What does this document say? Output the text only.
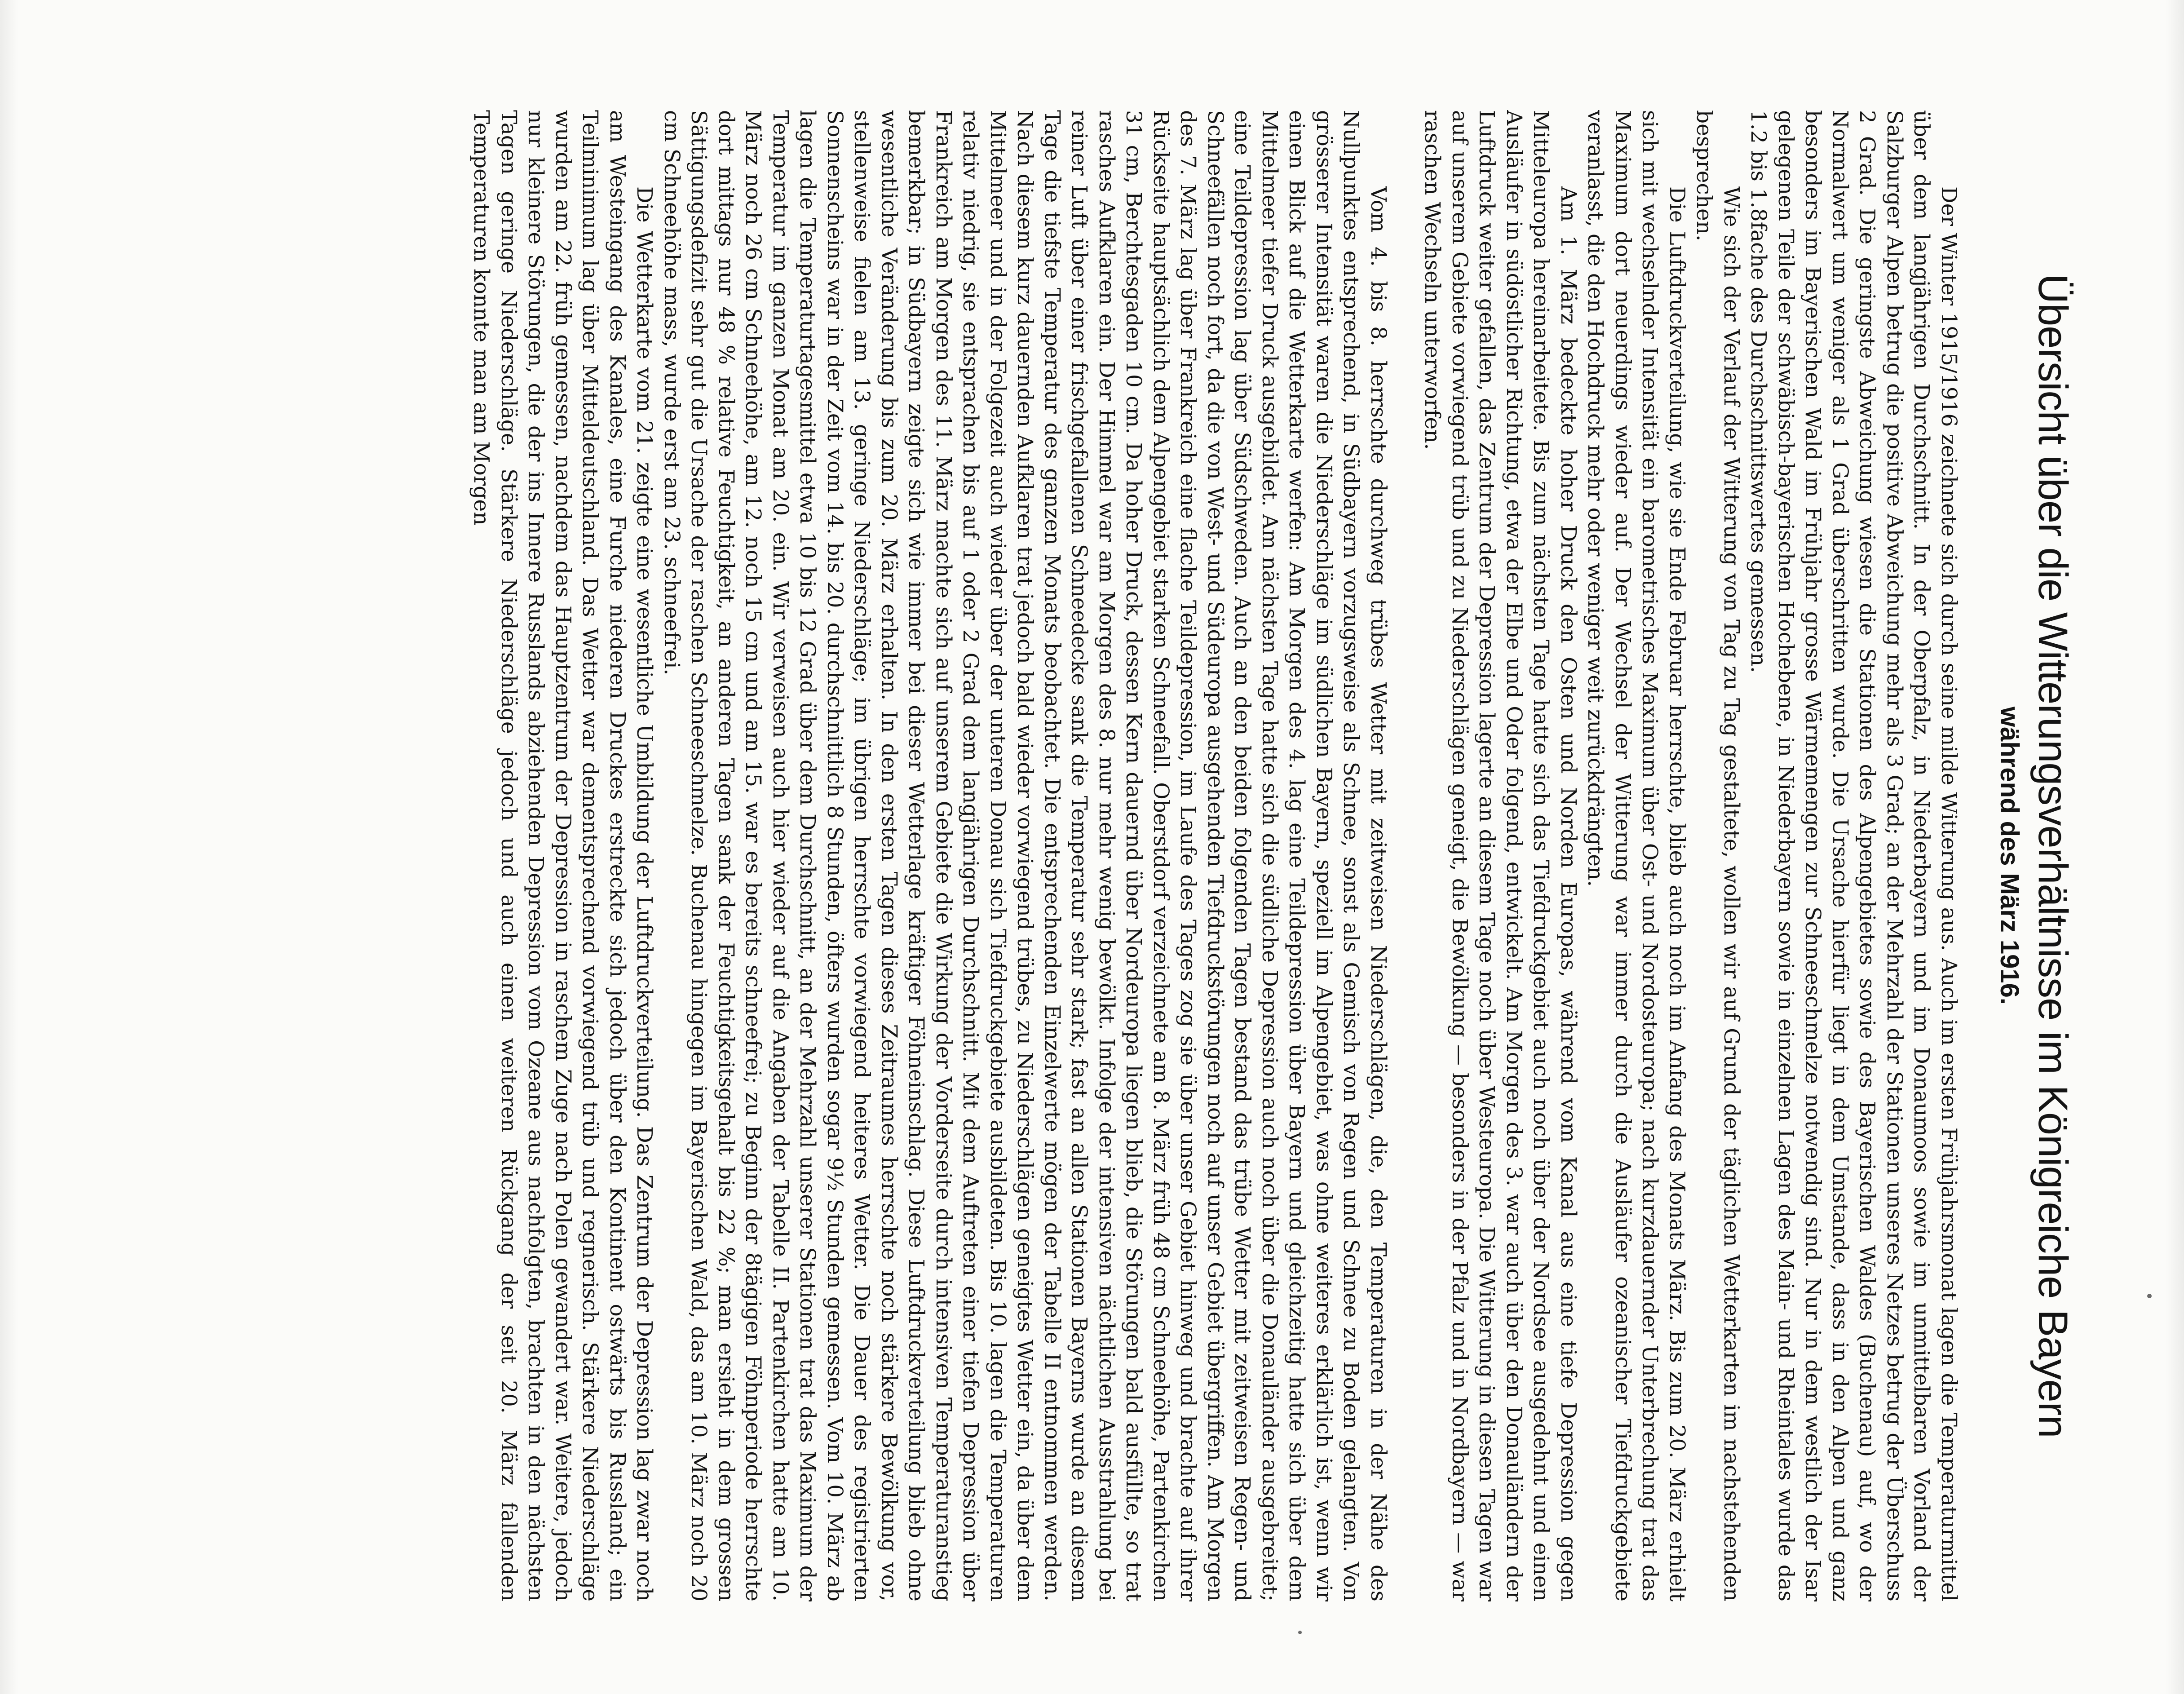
Übersicht über die Witterungsverhältnisse im Königreiche Bayern
während des März 1916.

Der Winter 1915/1916 zeichnete sich durch seine milde Witterung aus. Auch im ersten Frühjahrsmonat lagen die Temperaturmittel über dem langjährigen Durchschnitt. In der Oberpfalz, in Niederbayern und im Donaumoos sowie im unmittelbaren Vorland der Salzburger Alpen betrug die positive Abweichung mehr als 3 Grad; an der Mehrzahl der Stationen unseres Netzes betrug der Überschuss 2 Grad. Die geringste Abweichung wiesen die Stationen des Alpengebietes sowie des Bayerischen Waldes (Buchenau) auf, wo der Normalwert um weniger als 1 Grad überschritten wurde. Die Ursache hierfür liegt in dem Umstande, dass in den Alpen und ganz besonders im Bayerischen Wald im Frühjahr grosse Wärmemengen zur Schneeschmelze notwendig sind. Nur in dem westlich der Isar gelegenen Teile der schwäbisch-bayerischen Hochebene, in Niederbayern sowie in einzelnen Lagen des Main- und Rheintales wurde das 1.2 bis 1.8fache des Durchschnittswertes gemessen.

Wie sich der Verlauf der Witterung von Tag zu Tag gestaltete, wollen wir auf Grund der täglichen Wetterkarten im nachstehenden besprechen.

Die Luftdruckverteilung, wie sie Ende Februar herrschte, blieb auch noch im Anfang des Monats März. Bis zum 20. März erhielt sich mit wechselnder Intensität ein barometrisches Maximum über Ost- und Nordosteuropa; nach kurzdauernder Unterbrechung trat das Maximum dort neuerdings wieder auf. Der Wechsel der Witterung war immer durch die Ausläufer ozeanischer Tiefdruckgebiete veranlasst, die den Hochdruck mehr oder weniger weit zurückdrängten.

Am 1. März bedeckte hoher Druck den Osten und Norden Europas, während vom Kanal aus eine tiefe Depression gegen Mitteleuropa hereinarbeitete. Bis zum nächsten Tage hatte sich das Tiefdruckgebiet auch noch über der Nordsee ausgedehnt und einen Ausläufer in südöstlicher Richtung, etwa der Elbe und Oder folgend, entwickelt. Am Morgen des 3. war auch über den Donauländern der Luftdruck weiter gefallen, das Zentrum der Depression lagerte an diesem Tage noch über Westeuropa. Die Witterung in diesen Tagen war auf unserem Gebiete vorwiegend trüb und zu Niederschlägen geneigt, die Bewölkung — besonders in der Pfalz und in Nordbayern — war raschen Wechseln unterworfen.

Vom 4. bis 8. herrschte durchweg trübes Wetter mit zeitweisen Niederschlägen, die, den Temperaturen in der Nähe des Nullpunktes entsprechend, in Südbayern vorzugsweise als Schnee, sonst als Gemisch von Regen und Schnee zu Boden gelangten. Von grösserer Intensität waren die Niederschläge im südlichen Bayern, speziell im Alpengebiet, was ohne weiteres erklärlich ist, wenn wir einen Blick auf die Wetterkarte werfen: Am Morgen des 4. lag eine Teildepression über Bayern und gleichzeitig hatte sich über dem Mittelmeer tiefer Druck ausgebildet. Am nächsten Tage hatte sich die südliche Depression auch noch über die Donauländer ausgebreitet; eine Teildepression lag über Südschweden. Auch an den beiden folgenden Tagen bestand das trübe Wetter mit zeitweisen Regen- und Schneefällen noch fort, da die von West- und Südeuropa ausgehenden Tiefdruckstörungen noch auf unser Gebiet übergriffen. Am Morgen des 7. März lag über Frankreich eine flache Teildepression, im Laufe des Tages zog sie über unser Gebiet hinweg und brachte auf ihrer Rückseite hauptsächlich dem Alpengebiet starken Schneefall. Oberstdorf verzeichnete am 8. März früh 48 cm Schneehöhe, Partenkirchen 31 cm, Berchtesgaden 10 cm. Da hoher Druck, dessen Kern dauernd über Nordeuropa liegen blieb, die Störungen bald ausfüllte, so trat rasches Aufklaren ein. Der Himmel war am Morgen des 8. nur mehr wenig bewölkt. Infolge der intensiven nächtlichen Ausstrahlung bei reiner Luft über einer frischgefallenen Schneedecke sank die Temperatur sehr stark; fast an allen Stationen Bayerns wurde an diesem Tage die tiefste Temperatur des ganzen Monats beobachtet. Die entsprechenden Einzelwerte mögen der Tabelle II entnommen werden. Nach diesem kurz dauernden Aufklaren trat jedoch bald wieder vorwiegend trübes, zu Niederschlägen geneigtes Wetter ein, da über dem Mittelmeer und in der Folgezeit auch wieder über der unteren Donau sich Tiefdruckgebiete ausbildeten. Bis 10. lagen die Temperaturen relativ niedrig, sie entsprachen bis auf 1 oder 2 Grad dem langjährigen Durchschnitt. Mit dem Auftreten einer tiefen Depression über Frankreich am Morgen des 11. März machte sich auf unserem Gebiete die Wirkung der Vorderseite durch intensiven Temperaturanstieg bemerkbar; in Südbayern zeigte sich wie immer bei dieser Wetterlage kräftiger Föhneinschlag. Diese Luftdruckverteilung blieb ohne wesentliche Veränderung bis zum 20. März erhalten. In den ersten Tagen dieses Zeitraumes herrschte noch stärkere Bewölkung vor, stellenweise fielen am 13. geringe Niederschläge; im übrigen herrschte vorwiegend heiteres Wetter. Die Dauer des registrierten Sonnenscheins war in der Zeit vom 14. bis 20. durchschnittlich 8 Stunden, öfters wurden sogar 9½ Stunden gemessen. Vom 10. März ab lagen die Temperaturtagesmittel etwa 10 bis 12 Grad über dem Durchschnitt, an der Mehrzahl unserer Stationen trat das Maximum der Temperatur im ganzen Monat am 20. ein. Wir verweisen auch hier wieder auf die Angaben der Tabelle II. Partenkirchen hatte am 10. März noch 26 cm Schneehöhe, am 12. noch 15 cm und am 15. war es bereits schneefrei; zu Beginn der 8tägigen Föhnperiode herrschte dort mittags nur 48 % relative Feuchtigkeit, an anderen Tagen sank der Feuchtigkeitsgehalt bis 22 %; man ersieht in dem grossen Sättigungsdefizit sehr gut die Ursache der raschen Schneeschmelze. Buchenau hingegen im Bayerischen Wald, das am 10. März noch 20 cm Schneehöhe mass, wurde erst am 23. schneefrei.

Die Wetterkarte vom 21. zeigte eine wesentliche Umbildung der Luftdruckverteilung. Das Zentrum der Depression lag zwar noch am Westeingang des Kanales, eine Furche niederen Druckes erstreckte sich jedoch über den Kontinent ostwärts bis Russland; ein Teilminimum lag über Mitteldeutschland. Das Wetter war dementsprechend vorwiegend trüb und regnerisch. Stärkere Niederschläge wurden am 22. früh gemessen, nachdem das Hauptzentrum der Depression in raschem Zuge nach Polen gewandert war. Weitere, jedoch nur kleinere Störungen, die der ins Innere Russlands abziehenden Depression vom Ozeane aus nachfolgten, brachten in den nächsten Tagen geringe Niederschläge. Stärkere Niederschläge jedoch und auch einen weiteren Rückgang der seit 20. März fallenden Temperaturen konnte man am Morgen
